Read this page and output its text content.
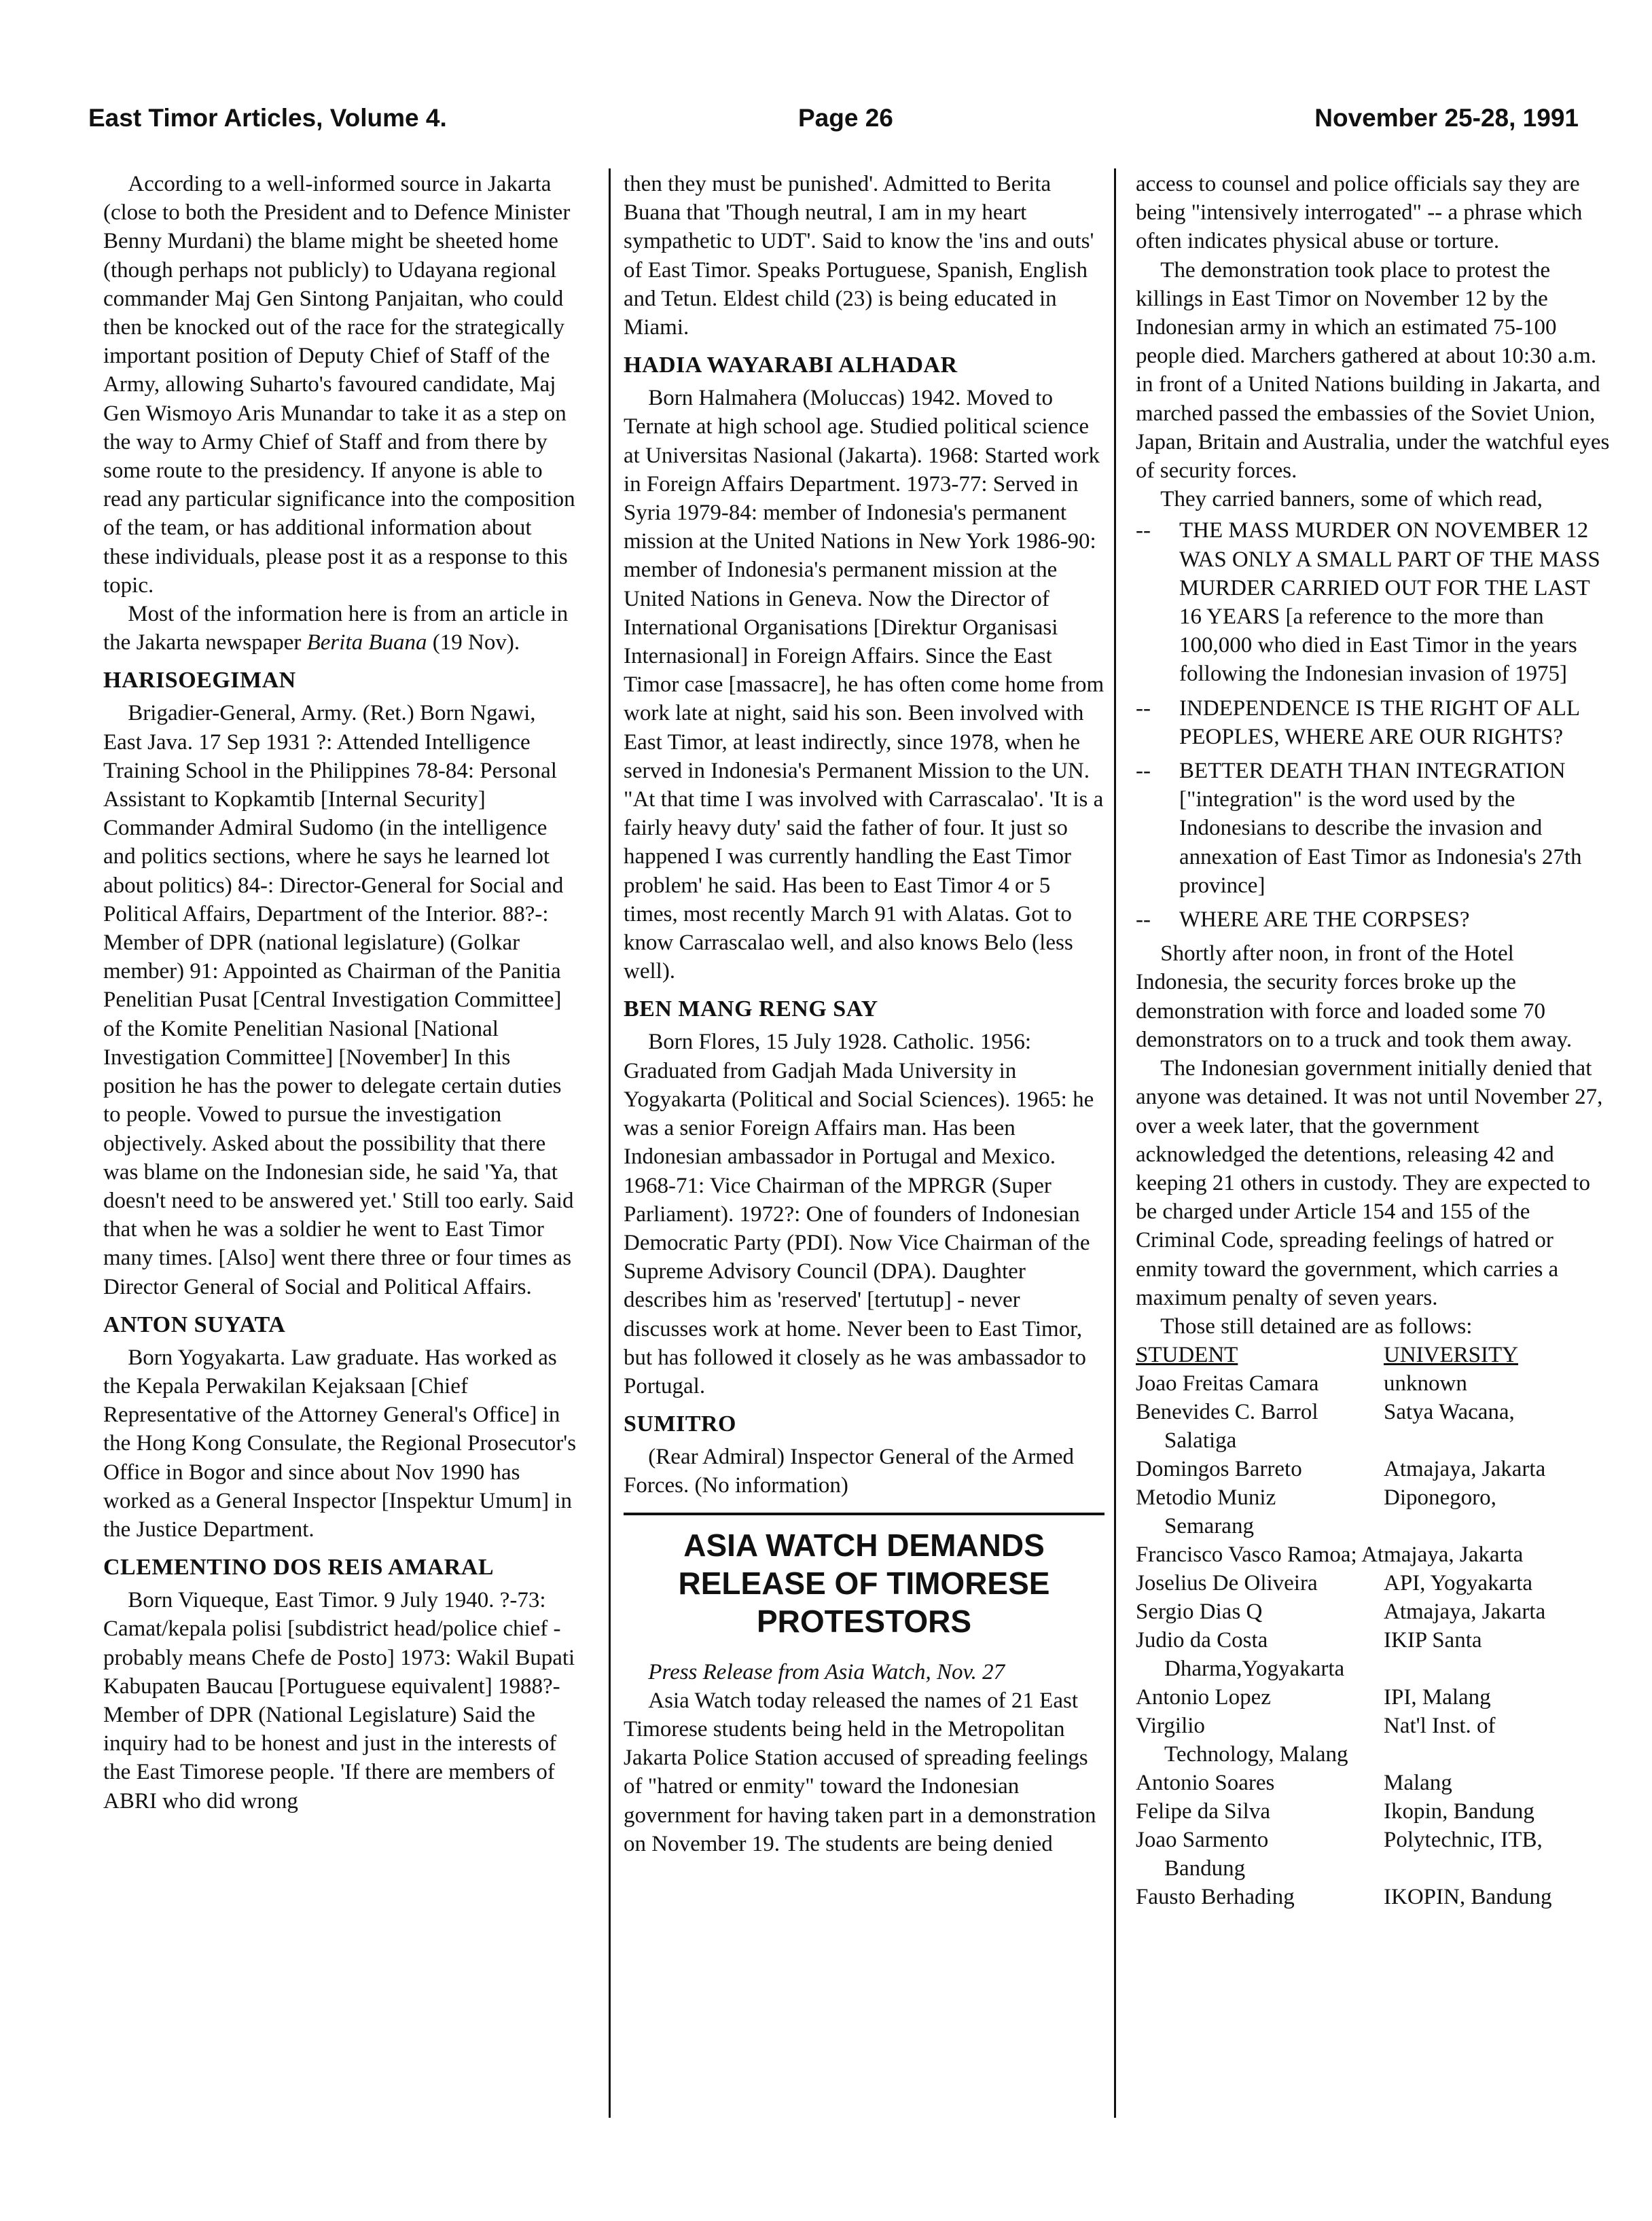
East Timor Articles, Volume 4.	Page 26	November 25-28, 1991

According to a well-informed source in Jakarta (close to both the President and to Defence Minister Benny Murdani) the blame might be sheeted home (though perhaps not publicly) to Udayana regional commander Maj Gen Sintong Panjaitan, who could then be knocked out of the race for the strategically important position of Deputy Chief of Staff of the Army, allowing Suharto's favoured candidate, Maj Gen Wismoyo Aris Munandar to take it as a step on the way to Army Chief of Staff and from there by some route to the presidency. If anyone is able to read any particular significance into the composition of the team, or has additional information about these individuals, please post it as a response to this topic.

Most of the information here is from an article in the Jakarta newspaper Berita Buana (19 Nov).

HARISOEGIMAN

Brigadier-General, Army. (Ret.) Born Ngawi, East Java. 17 Sep 1931 ?: Attended Intelligence Training School in the Philippines 78-84: Personal Assistant to Kopkamtib [Internal Security] Commander Admiral Sudomo (in the intelligence and politics sections, where he says he learned lot about politics) 84-: Director-General for Social and Political Affairs, Department of the Interior. 88?-: Member of DPR (national legislature) (Golkar member) 91: Appointed as Chairman of the Panitia Penelitian Pusat [Central Investigation Committee] of the Komite Penelitian Nasional [National Investigation Committee] [November] In this position he has the power to delegate certain duties to people. Vowed to pursue the investigation objectively. Asked about the possibility that there was blame on the Indonesian side, he said 'Ya, that doesn't need to be answered yet.' Still too early. Said that when he was a soldier he went to East Timor many times. [Also] went there three or four times as Director General of Social and Political Affairs.

ANTON SUYATA

Born Yogyakarta. Law graduate. Has worked as the Kepala Perwakilan Kejaksaan [Chief Representative of the Attorney General's Office] in the Hong Kong Consulate, the Regional Prosecutor's Office in Bogor and since about Nov 1990 has worked as a General Inspector [Inspektur Umum] in the Justice Department.

CLEMENTINO DOS REIS AMARAL

Born Viqueque, East Timor. 9 July 1940. ?-73: Camat/kepala polisi [subdistrict head/police chief - probably means Chefe de Posto] 1973: Wakil Bupati Kabupaten Baucau [Portuguese equivalent] 1988?- Member of DPR (National Legislature) Said the inquiry had to be honest and just in the interests of the East Timorese people. 'If there are members of ABRI who did wrong

then they must be punished'. Admitted to Berita Buana that 'Though neutral, I am in my heart sympathetic to UDT'. Said to know the 'ins and outs' of East Timor. Speaks Portuguese, Spanish, English and Tetun. Eldest child (23) is being educated in Miami.

HADIA WAYARABI ALHADAR

Born Halmahera (Moluccas) 1942. Moved to Ternate at high school age. Studied political science at Universitas Nasional (Jakarta). 1968: Started work in Foreign Affairs Department. 1973-77: Served in Syria 1979-84: member of Indonesia's permanent mission at the United Nations in New York 1986-90: member of Indonesia's permanent mission at the United Nations in Geneva. Now the Director of International Organisations [Direktur Organisasi Internasional] in Foreign Affairs. Since the East Timor case [massacre], he has often come home from work late at night, said his son. Been involved with East Timor, at least indirectly, since 1978, when he served in Indonesia's Permanent Mission to the UN. "At that time I was involved with Carrascalao'. 'It is a fairly heavy duty' said the father of four. It just so happened I was currently handling the East Timor problem' he said. Has been to East Timor 4 or 5 times, most recently March 91 with Alatas. Got to know Carrascalao well, and also knows Belo (less well).

BEN MANG RENG SAY

Born Flores, 15 July 1928. Catholic. 1956: Graduated from Gadjah Mada University in Yogyakarta (Political and Social Sciences). 1965: he was a senior Foreign Affairs man. Has been Indonesian ambassador in Portugal and Mexico. 1968-71: Vice Chairman of the MPRGR (Super Parliament). 1972?: One of founders of Indonesian Democratic Party (PDI). Now Vice Chairman of the Supreme Advisory Council (DPA). Daughter describes him as 'reserved' [tertutup] - never discusses work at home. Never been to East Timor, but has followed it closely as he was ambassador to Portugal.

SUMITRO

(Rear Admiral) Inspector General of the Armed Forces. (No information)

ASIA WATCH DEMANDS
RELEASE OF TIMORESE
PROTESTORS

Press Release from Asia Watch, Nov. 27

Asia Watch today released the names of 21 East Timorese students being held in the Metropolitan Jakarta Police Station accused of spreading feelings of "hatred or enmity" toward the Indonesian government for having taken part in a demonstration on November 19. The students are being denied

access to counsel and police officials say they are being "intensively interrogated" -- a phrase which often indicates physical abuse or torture.

The demonstration took place to protest the killings in East Timor on November 12 by the Indonesian army in which an estimated 75-100 people died. Marchers gathered at about 10:30 a.m. in front of a United Nations building in Jakarta, and marched passed the embassies of the Soviet Union, Japan, Britain and Australia, under the watchful eyes of security forces.

They carried banners, some of which read,

-- THE MASS MURDER ON NOVEMBER 12 WAS ONLY A SMALL PART OF THE MASS MURDER CARRIED OUT FOR THE LAST 16 YEARS [a reference to the more than 100,000 who died in East Timor in the years following the Indonesian invasion of 1975]
-- INDEPENDENCE IS THE RIGHT OF ALL PEOPLES, WHERE ARE OUR RIGHTS?
-- BETTER DEATH THAN INTEGRATION ["integration" is the word used by the Indonesians to describe the invasion and annexation of East Timor as Indonesia's 27th province]
-- WHERE ARE THE CORPSES?

Shortly after noon, in front of the Hotel Indonesia, the security forces broke up the demonstration with force and loaded some 70 demonstrators on to a truck and took them away.

The Indonesian government initially denied that anyone was detained. It was not until November 27, over a week later, that the government acknowledged the detentions, releasing 42 and keeping 21 others in custody. They are expected to be charged under Article 154 and 155 of the Criminal Code, spreading feelings of hatred or enmity toward the government, which carries a maximum penalty of seven years.

Those still detained are as follows:

STUDENT	UNIVERSITY
Joao Freitas Camara	unknown
Benevides C. Barrol	Satya Wacana,
Salatiga	
Domingos Barreto	Atmajaya, Jakarta
Metodio Muniz	Diponegoro,
Semarang	
Francisco Vasco Ramoa; Atmajaya, Jakarta	
Joselius De Oliveira	API, Yogyakarta
Sergio Dias Q	Atmajaya, Jakarta
Judio da Costa	IKIP Santa
Dharma,Yogyakarta	
Antonio Lopez	IPI, Malang
Virgilio	Nat'l Inst. of
Technology, Malang	
Antonio Soares	Malang
Felipe da Silva	Ikopin, Bandung
Joao Sarmento	Polytechnic, ITB,
Bandung	
Fausto Berhading	IKOPIN, Bandung
